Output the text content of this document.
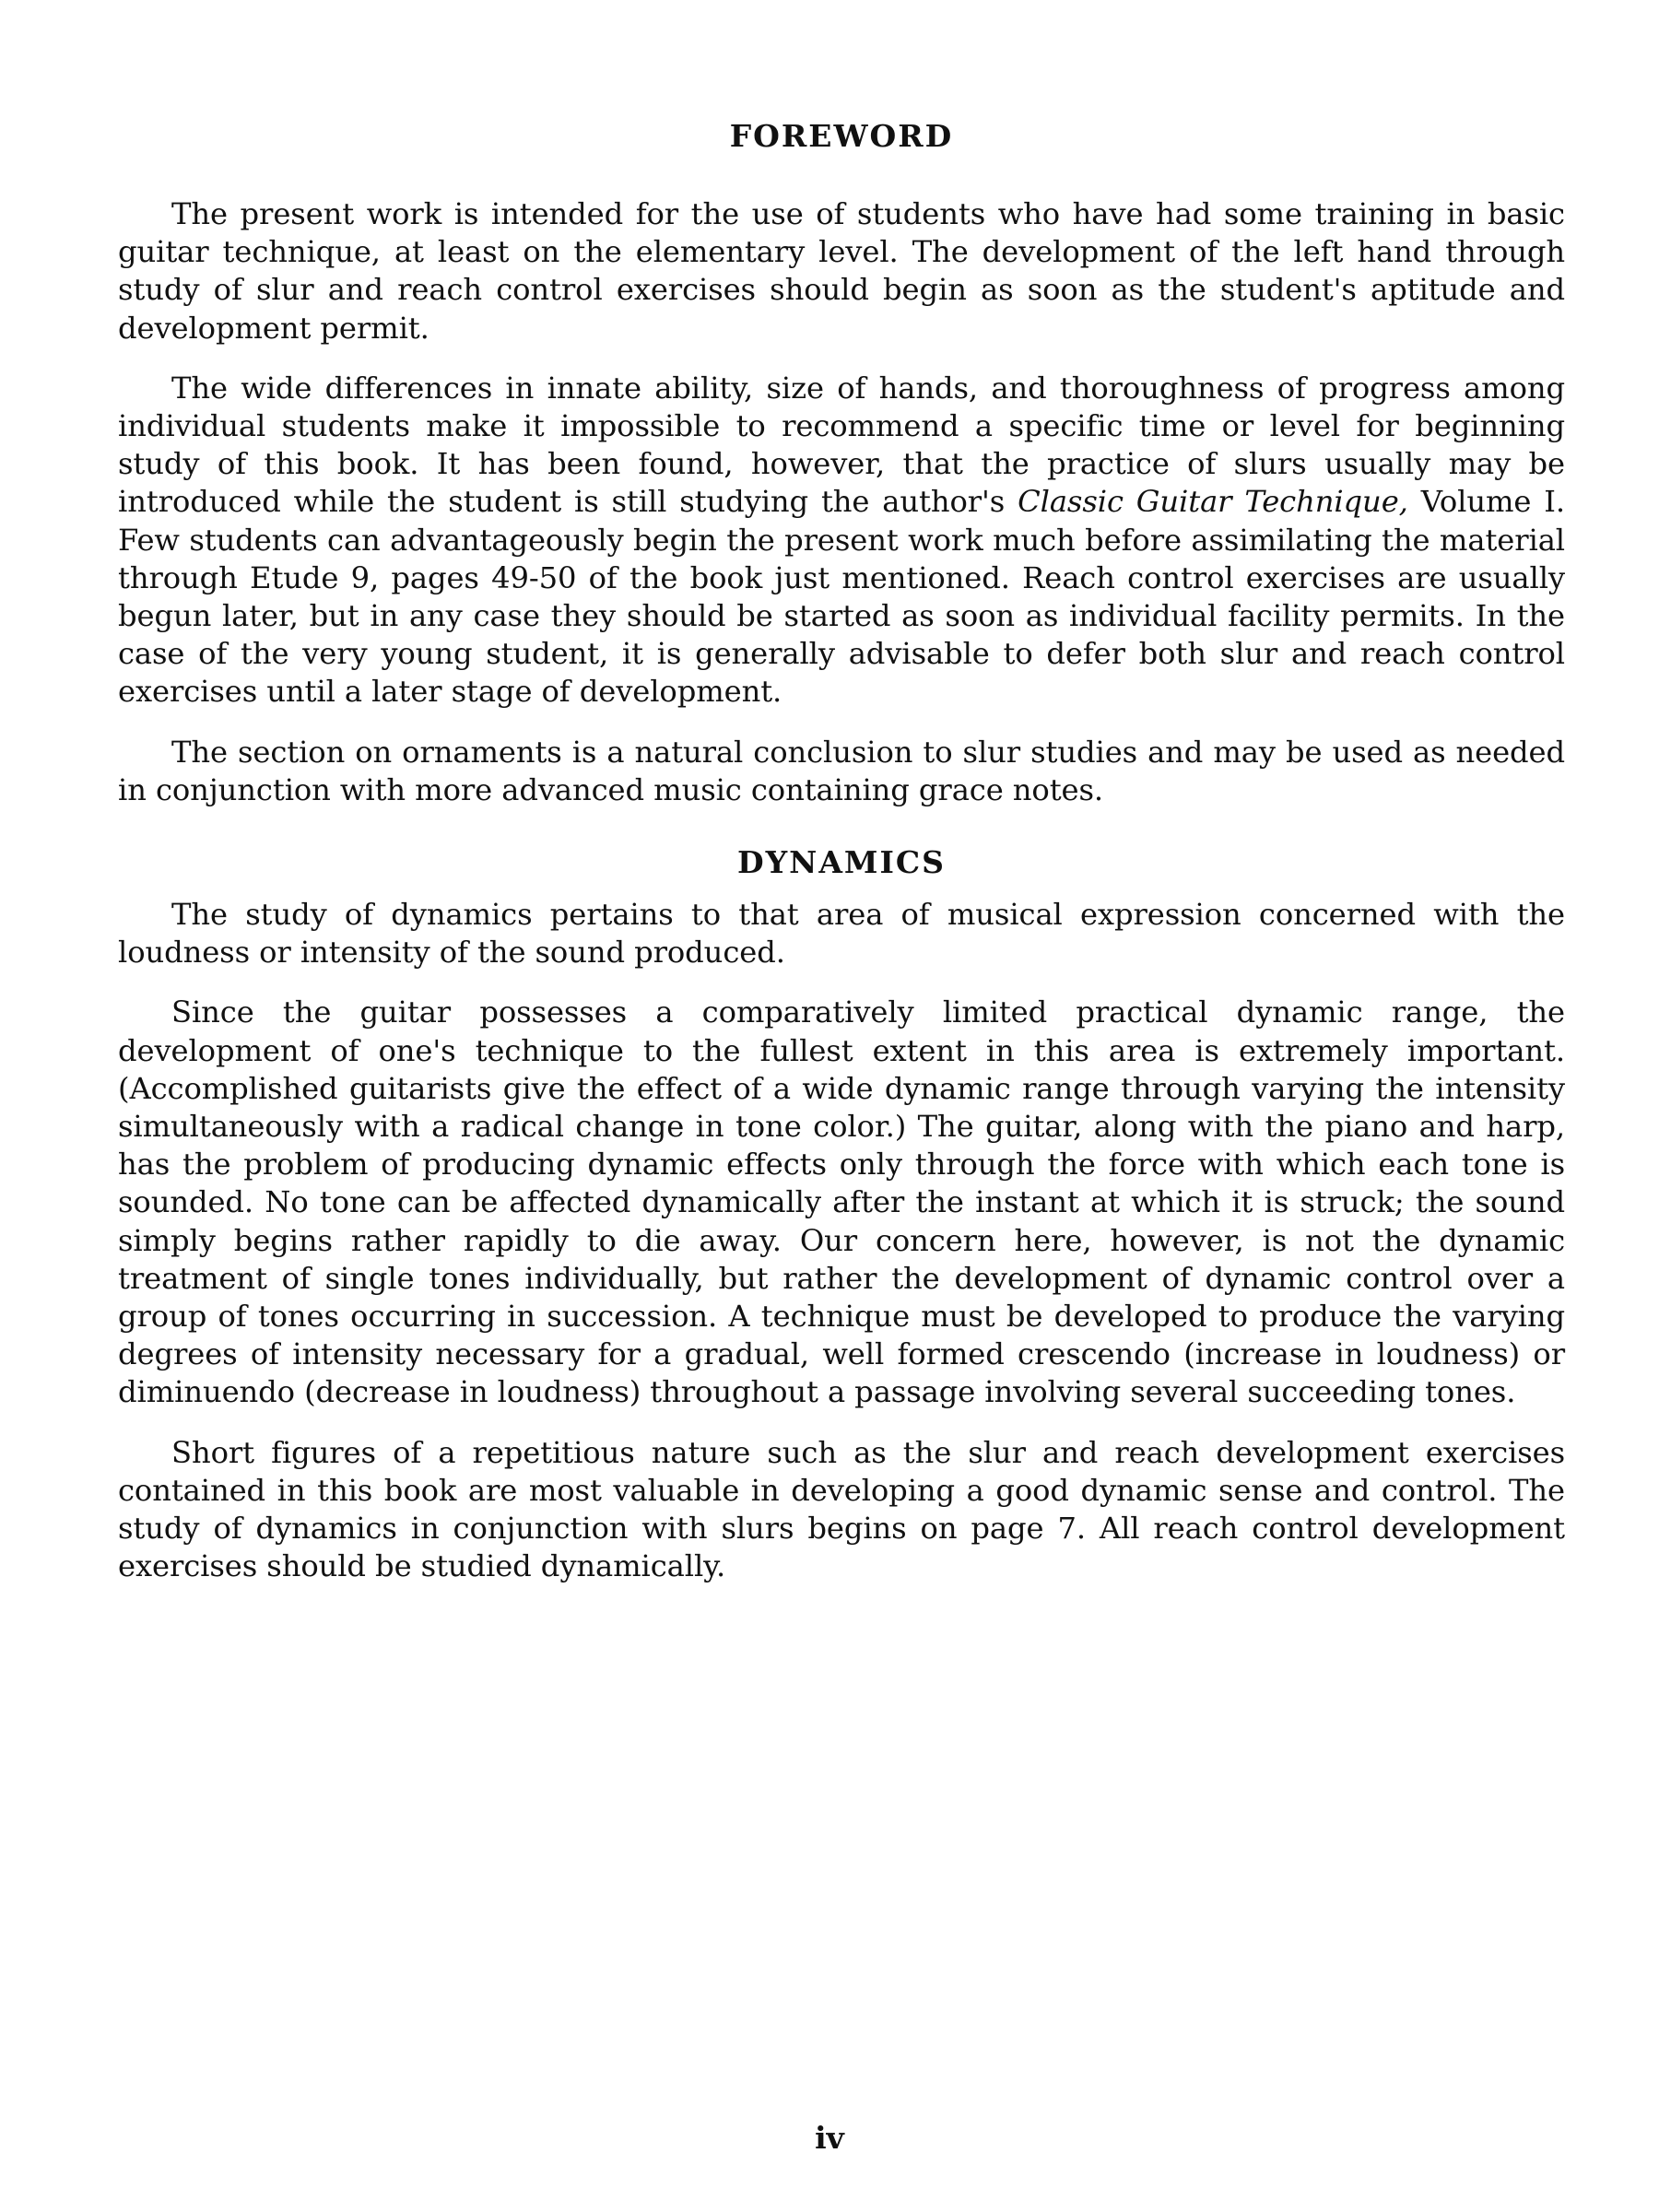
FOREWORD

The present work is intended for the use of students who have had some training in basic guitar technique, at least on the elementary level. The development of the left hand through study of slur and reach control exercises should begin as soon as the student's aptitude and development permit.

The wide differences in innate ability, size of hands, and thoroughness of progress among individual students make it impossible to recommend a specific time or level for beginning study of this book. It has been found, however, that the practice of slurs usually may be introduced while the student is still studying the author's Classic Guitar Technique, Volume I. Few students can advantageously begin the present work much before assimilating the material through Etude 9, pages 49-50 of the book just mentioned. Reach control exercises are usually begun later, but in any case they should be started as soon as individual facility permits. In the case of the very young student, it is generally advisable to defer both slur and reach control exercises until a later stage of development.

The section on ornaments is a natural conclusion to slur studies and may be used as needed in conjunction with more advanced music containing grace notes.

DYNAMICS

The study of dynamics pertains to that area of musical expression concerned with the loudness or intensity of the sound produced.

Since the guitar possesses a comparatively limited practical dynamic range, the development of one's technique to the fullest extent in this area is extremely important. (Accomplished guitarists give the effect of a wide dynamic range through varying the intensity simultaneously with a radical change in tone color.) The guitar, along with the piano and harp, has the problem of producing dynamic effects only through the force with which each tone is sounded. No tone can be affected dynamically after the instant at which it is struck; the sound simply begins rather rapidly to die away. Our concern here, however, is not the dynamic treatment of single tones individually, but rather the development of dynamic control over a group of tones occurring in succession. A technique must be developed to produce the varying degrees of intensity necessary for a gradual, well formed crescendo (increase in loudness) or diminuendo (decrease in loudness) throughout a passage involving several succeeding tones.

Short figures of a repetitious nature such as the slur and reach development exercises contained in this book are most valuable in developing a good dynamic sense and control. The study of dynamics in conjunction with slurs begins on page 7. All reach control development exercises should be studied dynamically.

iv
